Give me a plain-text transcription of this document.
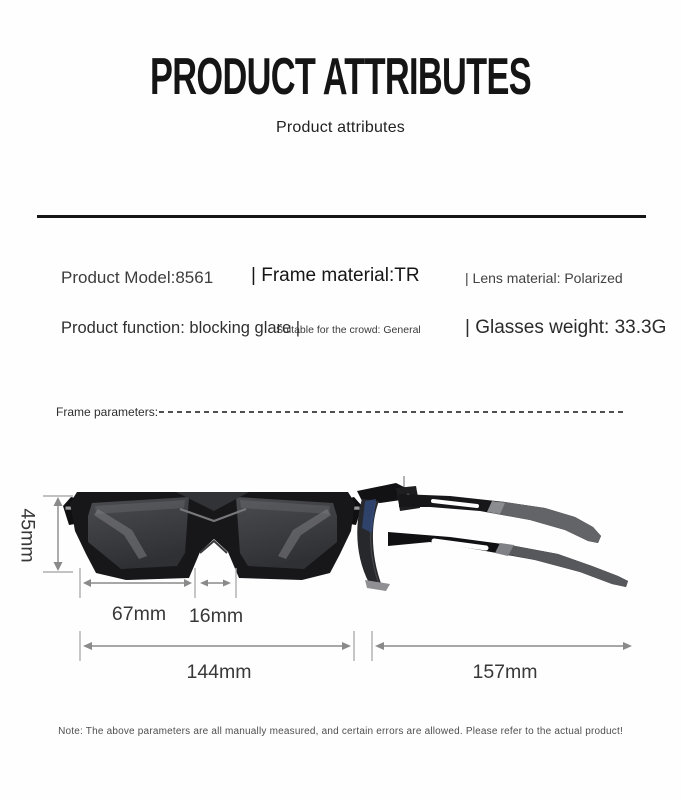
PRODUCT ATTRIBUTES
Product attributes
Product Model:8561 | Frame material:TR	| Lens material: Polarized
Product function: blocking glare |
Suitable for the crowd: General | Glasses weight: 33.3G
Frame parameters:
45mm
67mm	16mm
144mm	157mm
Note: The above parameters are all manually measured, and certain errors are allowed. Please refer to the actual product!
